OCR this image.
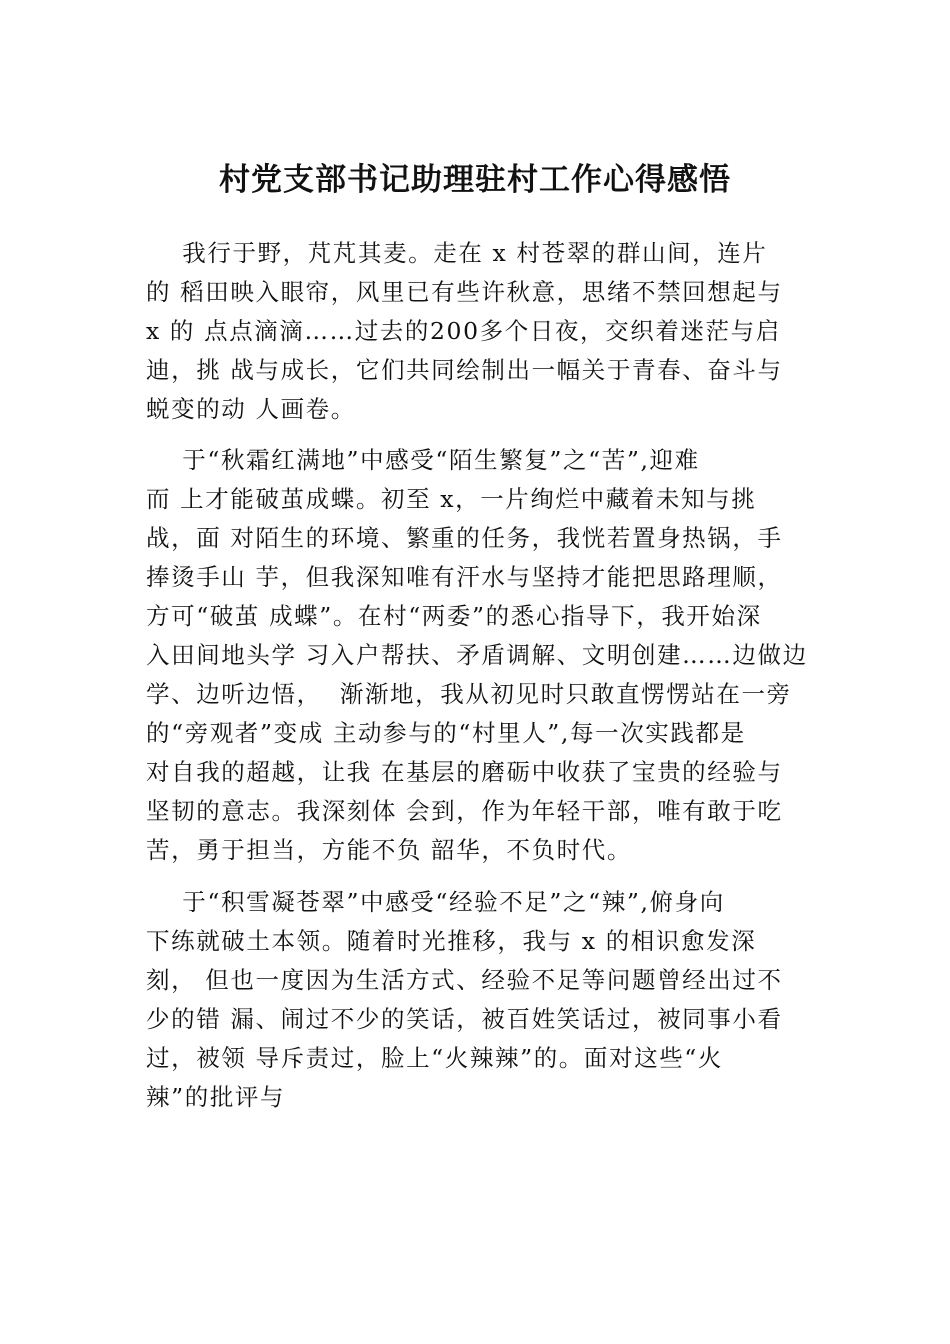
村党支部书记助理驻村工作心得感悟

我行于野，芃芃其麦。走在 x 村苍翠的群山间，连片

的 稻田映入眼帘，风里已有些许秋意，思绪不禁回想起与

x 的 点点滴滴……过去的200多个日夜，交织着迷茫与启

迪，挑 战与成长，它们共同绘制出一幅关于青春、奋斗与

蜕变的动 人画卷。

于“秋霜红满地”中感受“陌生繁复”之“苦”,迎难

而 上才能破茧成蝶。初至 x，一片绚烂中藏着未知与挑

战，面 对陌生的环境、繁重的任务，我恍若置身热锅，手

捧烫手山 芋，但我深知唯有汗水与坚持才能把思路理顺，

方可“破茧 成蝶”。在村“两委”的悉心指导下，我开始深

入田间地头学 习入户帮扶、矛盾调解、文明创建……边做边

学、边听边悟，  渐渐地，我从初见时只敢直愣愣站在一旁

的“旁观者”变成 主动参与的“村里人”,每一次实践都是

对自我的超越，让我 在基层的磨砺中收获了宝贵的经验与

坚韧的意志。我深刻体 会到，作为年轻干部，唯有敢于吃

苦，勇于担当，方能不负 韶华，不负时代。

于“积雪凝苍翠”中感受“经验不足”之“辣”,俯身向

下练就破土本领。随着时光推移，我与 x 的相识愈发深

刻， 但也一度因为生活方式、经验不足等问题曾经出过不

少的错 漏、闹过不少的笑话，被百姓笑话过，被同事小看

过，被领 导斥责过，脸上“火辣辣”的。面对这些“火

辣”的批评与
